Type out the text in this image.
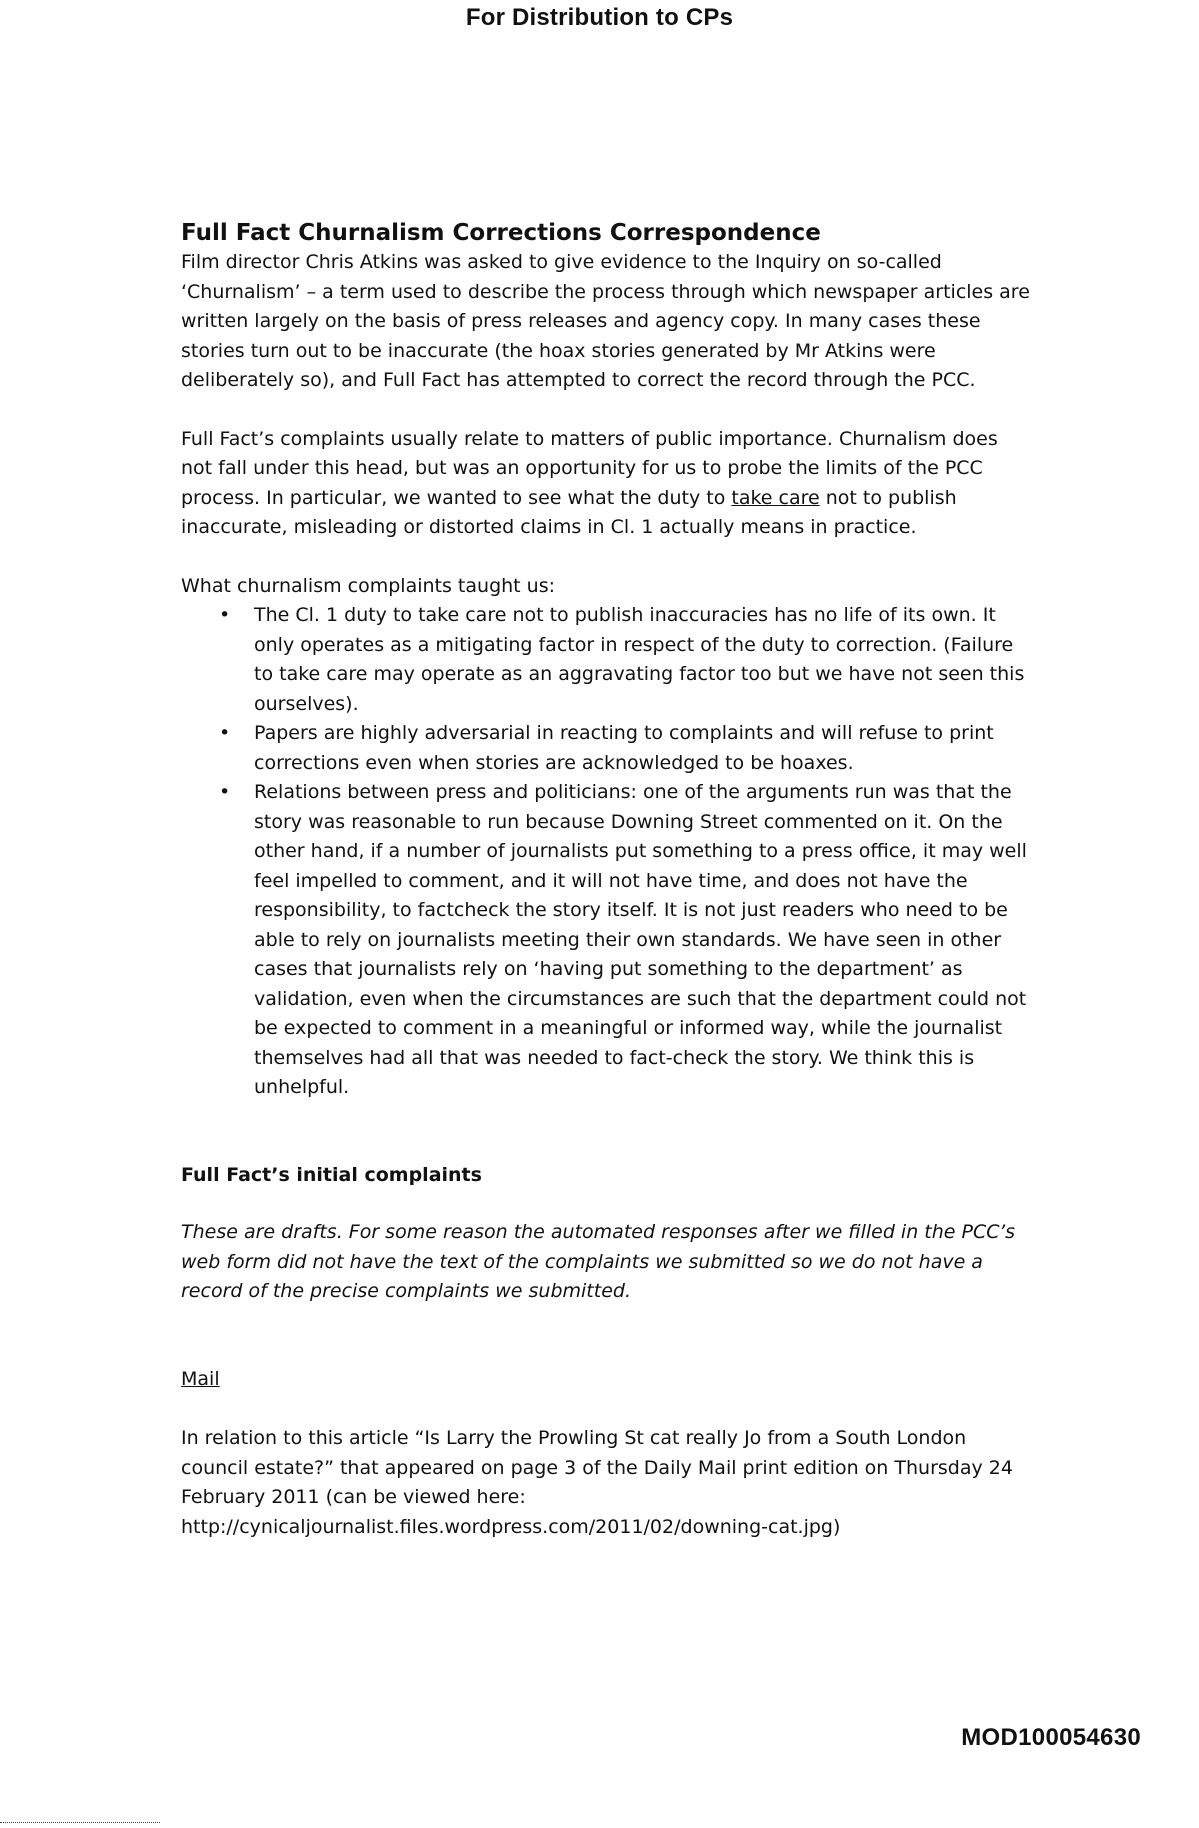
For Distribution to CPs

Full Fact Churnalism Corrections Correspondence

Film director Chris Atkins was asked to give evidence to the Inquiry on so-called ‘Churnalism’ – a term used to describe the process through which newspaper articles are written largely on the basis of press releases and agency copy. In many cases these stories turn out to be inaccurate (the hoax stories generated by Mr Atkins were deliberately so), and Full Fact has attempted to correct the record through the PCC.

Full Fact’s complaints usually relate to matters of public importance. Churnalism does not fall under this head, but was an opportunity for us to probe the limits of the PCC process. In particular, we wanted to see what the duty to take care not to publish inaccurate, misleading or distorted claims in Cl. 1 actually means in practice.

What churnalism complaints taught us:

• The Cl. 1 duty to take care not to publish inaccuracies has no life of its own. It only operates as a mitigating factor in respect of the duty to correction. (Failure to take care may operate as an aggravating factor too but we have not seen this ourselves).
• Papers are highly adversarial in reacting to complaints and will refuse to print corrections even when stories are acknowledged to be hoaxes.
• Relations between press and politicians: one of the arguments run was that the story was reasonable to run because Downing Street commented on it. On the other hand, if a number of journalists put something to a press office, it may well feel impelled to comment, and it will not have time, and does not have the responsibility, to factcheck the story itself. It is not just readers who need to be able to rely on journalists meeting their own standards. We have seen in other cases that journalists rely on ‘having put something to the department’ as validation, even when the circumstances are such that the department could not be expected to comment in a meaningful or informed way, while the journalist themselves had all that was needed to fact-check the story. We think this is unhelpful.

Full Fact’s initial complaints

These are drafts. For some reason the automated responses after we filled in the PCC’s web form did not have the text of the complaints we submitted so we do not have a record of the precise complaints we submitted.

Mail

In relation to this article “Is Larry the Prowling St cat really Jo from a South London council estate?” that appeared on page 3 of the Daily Mail print edition on Thursday 24 February 2011 (can be viewed here:

http://cynicaljournalist.files.wordpress.com/2011/02/downing-cat.jpg)

MOD100054630
